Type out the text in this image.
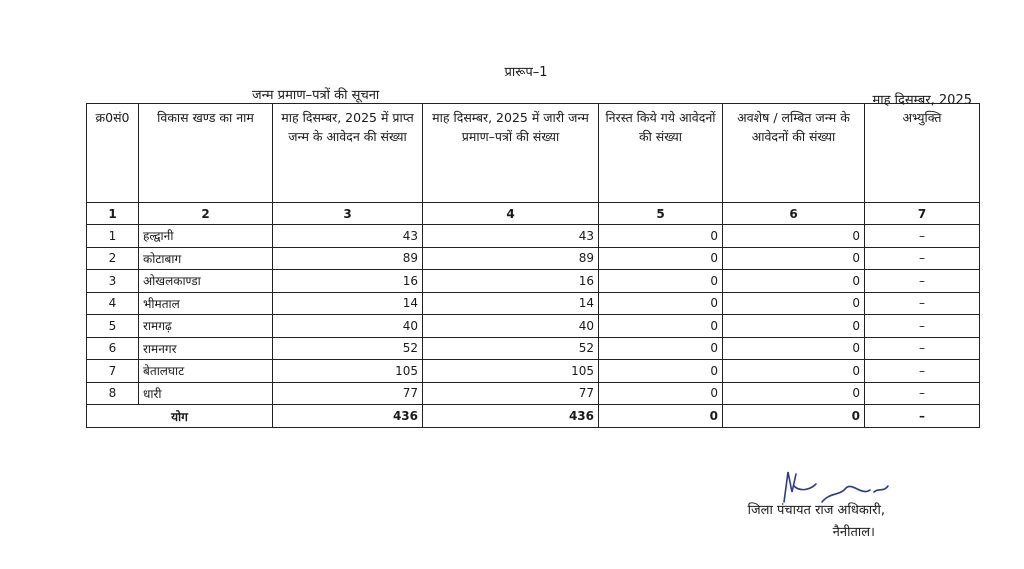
प्रारूप–1
जन्म प्रमाण–पत्रों की सूचना	माह दिसम्बर, 2025
क्र0सं0	विकास खण्ड का नाम	माह दिसम्बर, 2025 में प्राप्त जन्म के आवेदन की संख्या	माह दिसम्बर, 2025 में जारी जन्म प्रमाण–पत्रों की संख्या	निरस्त किये गये आवेदनों की संख्या	अवशेष / लम्बित जन्म के आवेदनों की संख्या	अभ्युक्ति
1	2	3	4	5	6	7
1	हल्द्वानी	43	43	0	0	–
2	कोटाबाग	89	89	0	0	–
3	ओखलकाण्डा	16	16	0	0	–
4	भीमताल	14	14	0	0	–
5	रामगढ़	40	40	0	0	–
6	रामनगर	52	52	0	0	–
7	बेतालघाट	105	105	0	0	–
8	धारी	77	77	0	0	–
योग		436	436	0	0	–
जिला पंचायत राज अधिकारी,
नैनीताल।
